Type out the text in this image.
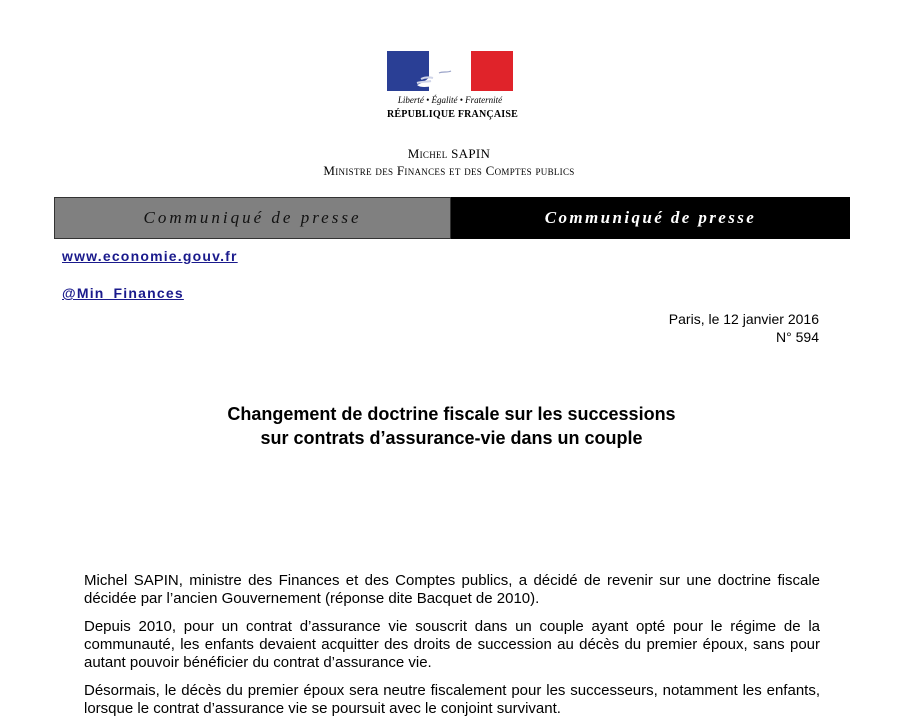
Liberté • Égalité • Fraternité
RÉPUBLIQUE FRANÇAISE
Michel SAPIN
Ministre des Finances et des Comptes publics
Communiqué de presse	Communiqué de presse
www.economie.gouv.fr
@Min_Finances
Paris, le 12 janvier 2016
N° 594
Changement de doctrine fiscale sur les successions
sur contrats d’assurance-vie dans un couple

Michel SAPIN, ministre des Finances et des Comptes publics, a décidé de revenir sur une doctrine fiscale décidée par l’ancien Gouvernement (réponse dite Bacquet de 2010).

Depuis 2010, pour un contrat d’assurance vie souscrit dans un couple ayant opté pour le régime de la communauté, les enfants devaient acquitter des droits de succession au décès du premier époux, sans pour autant pouvoir bénéficier du contrat d’assurance vie.

Désormais, le décès du premier époux sera neutre fiscalement pour les successeurs, notamment les enfants, lorsque le contrat d’assurance vie se poursuit avec le conjoint survivant.
